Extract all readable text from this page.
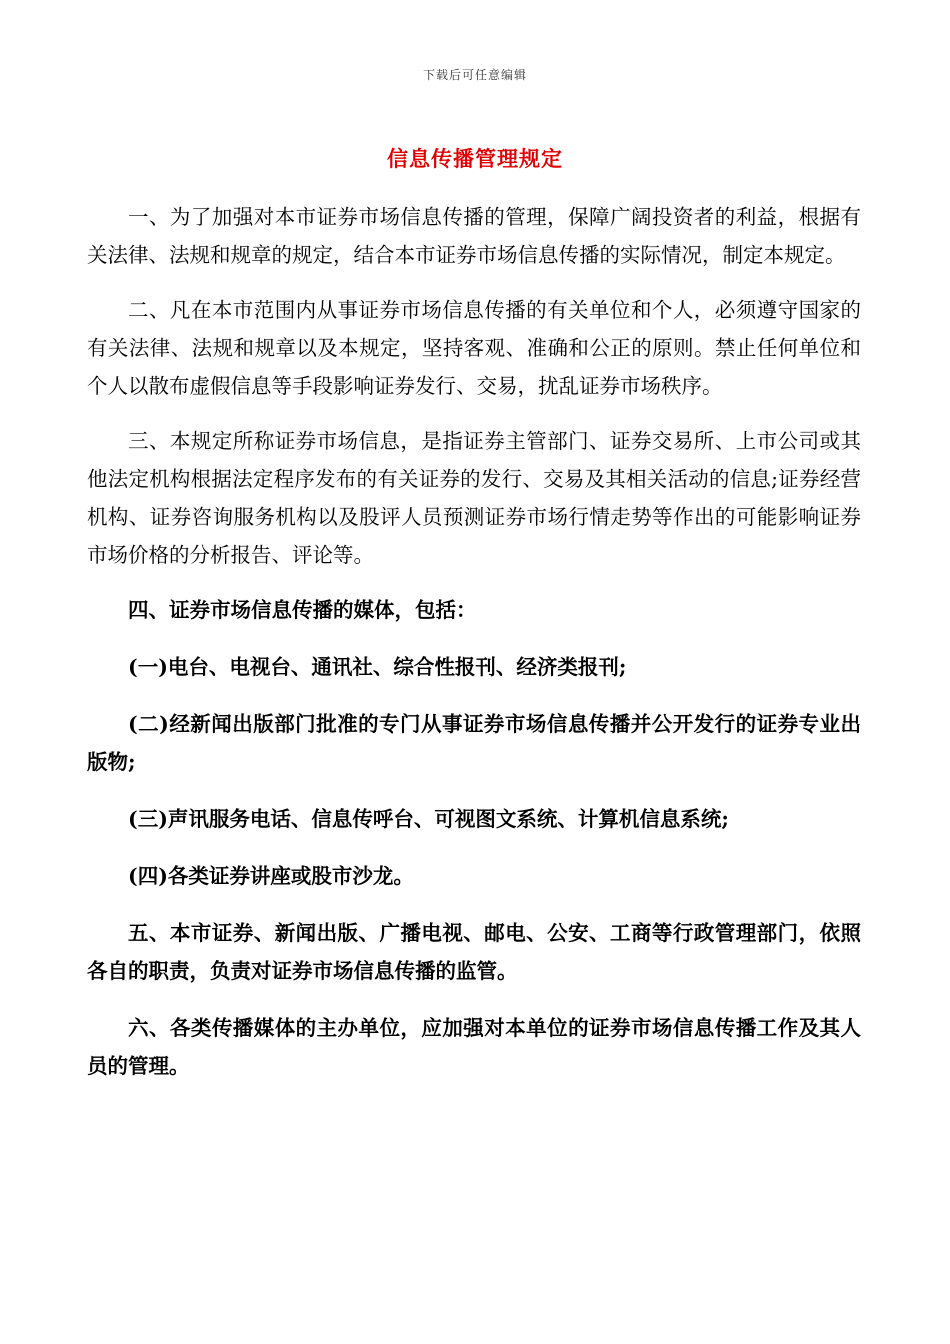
下载后可任意编辑
信息传播管理规定

一、为了加强对本市证券市场信息传播的管理，保障广阔投资者的利益，根据有关法律、法规和规章的规定，结合本市证券市场信息传播的实际情况，制定本规定。

二、凡在本市范围内从事证券市场信息传播的有关单位和个人，必须遵守国家的有关法律、法规和规章以及本规定，坚持客观、准确和公正的原则。禁止任何单位和个人以散布虚假信息等手段影响证券发行、交易，扰乱证券市场秩序。

三、本规定所称证券市场信息，是指证券主管部门、证券交易所、上市公司或其他法定机构根据法定程序发布的有关证券的发行、交易及其相关活动的信息;证券经营机构、证券咨询服务机构以及股评人员预测证券市场行情走势等作出的可能影响证券市场价格的分析报告、评论等。

四、证券市场信息传播的媒体，包括：

(一)电台、电视台、通讯社、综合性报刊、经济类报刊;

(二)经新闻出版部门批准的专门从事证券市场信息传播并公开发行的证券专业出版物;

(三)声讯服务电话、信息传呼台、可视图文系统、计算机信息系统;

(四)各类证券讲座或股市沙龙。

五、本市证券、新闻出版、广播电视、邮电、公安、工商等行政管理部门，依照各自的职责，负责对证券市场信息传播的监管。

六、各类传播媒体的主办单位，应加强对本单位的证券市场信息传播工作及其人员的管理。
